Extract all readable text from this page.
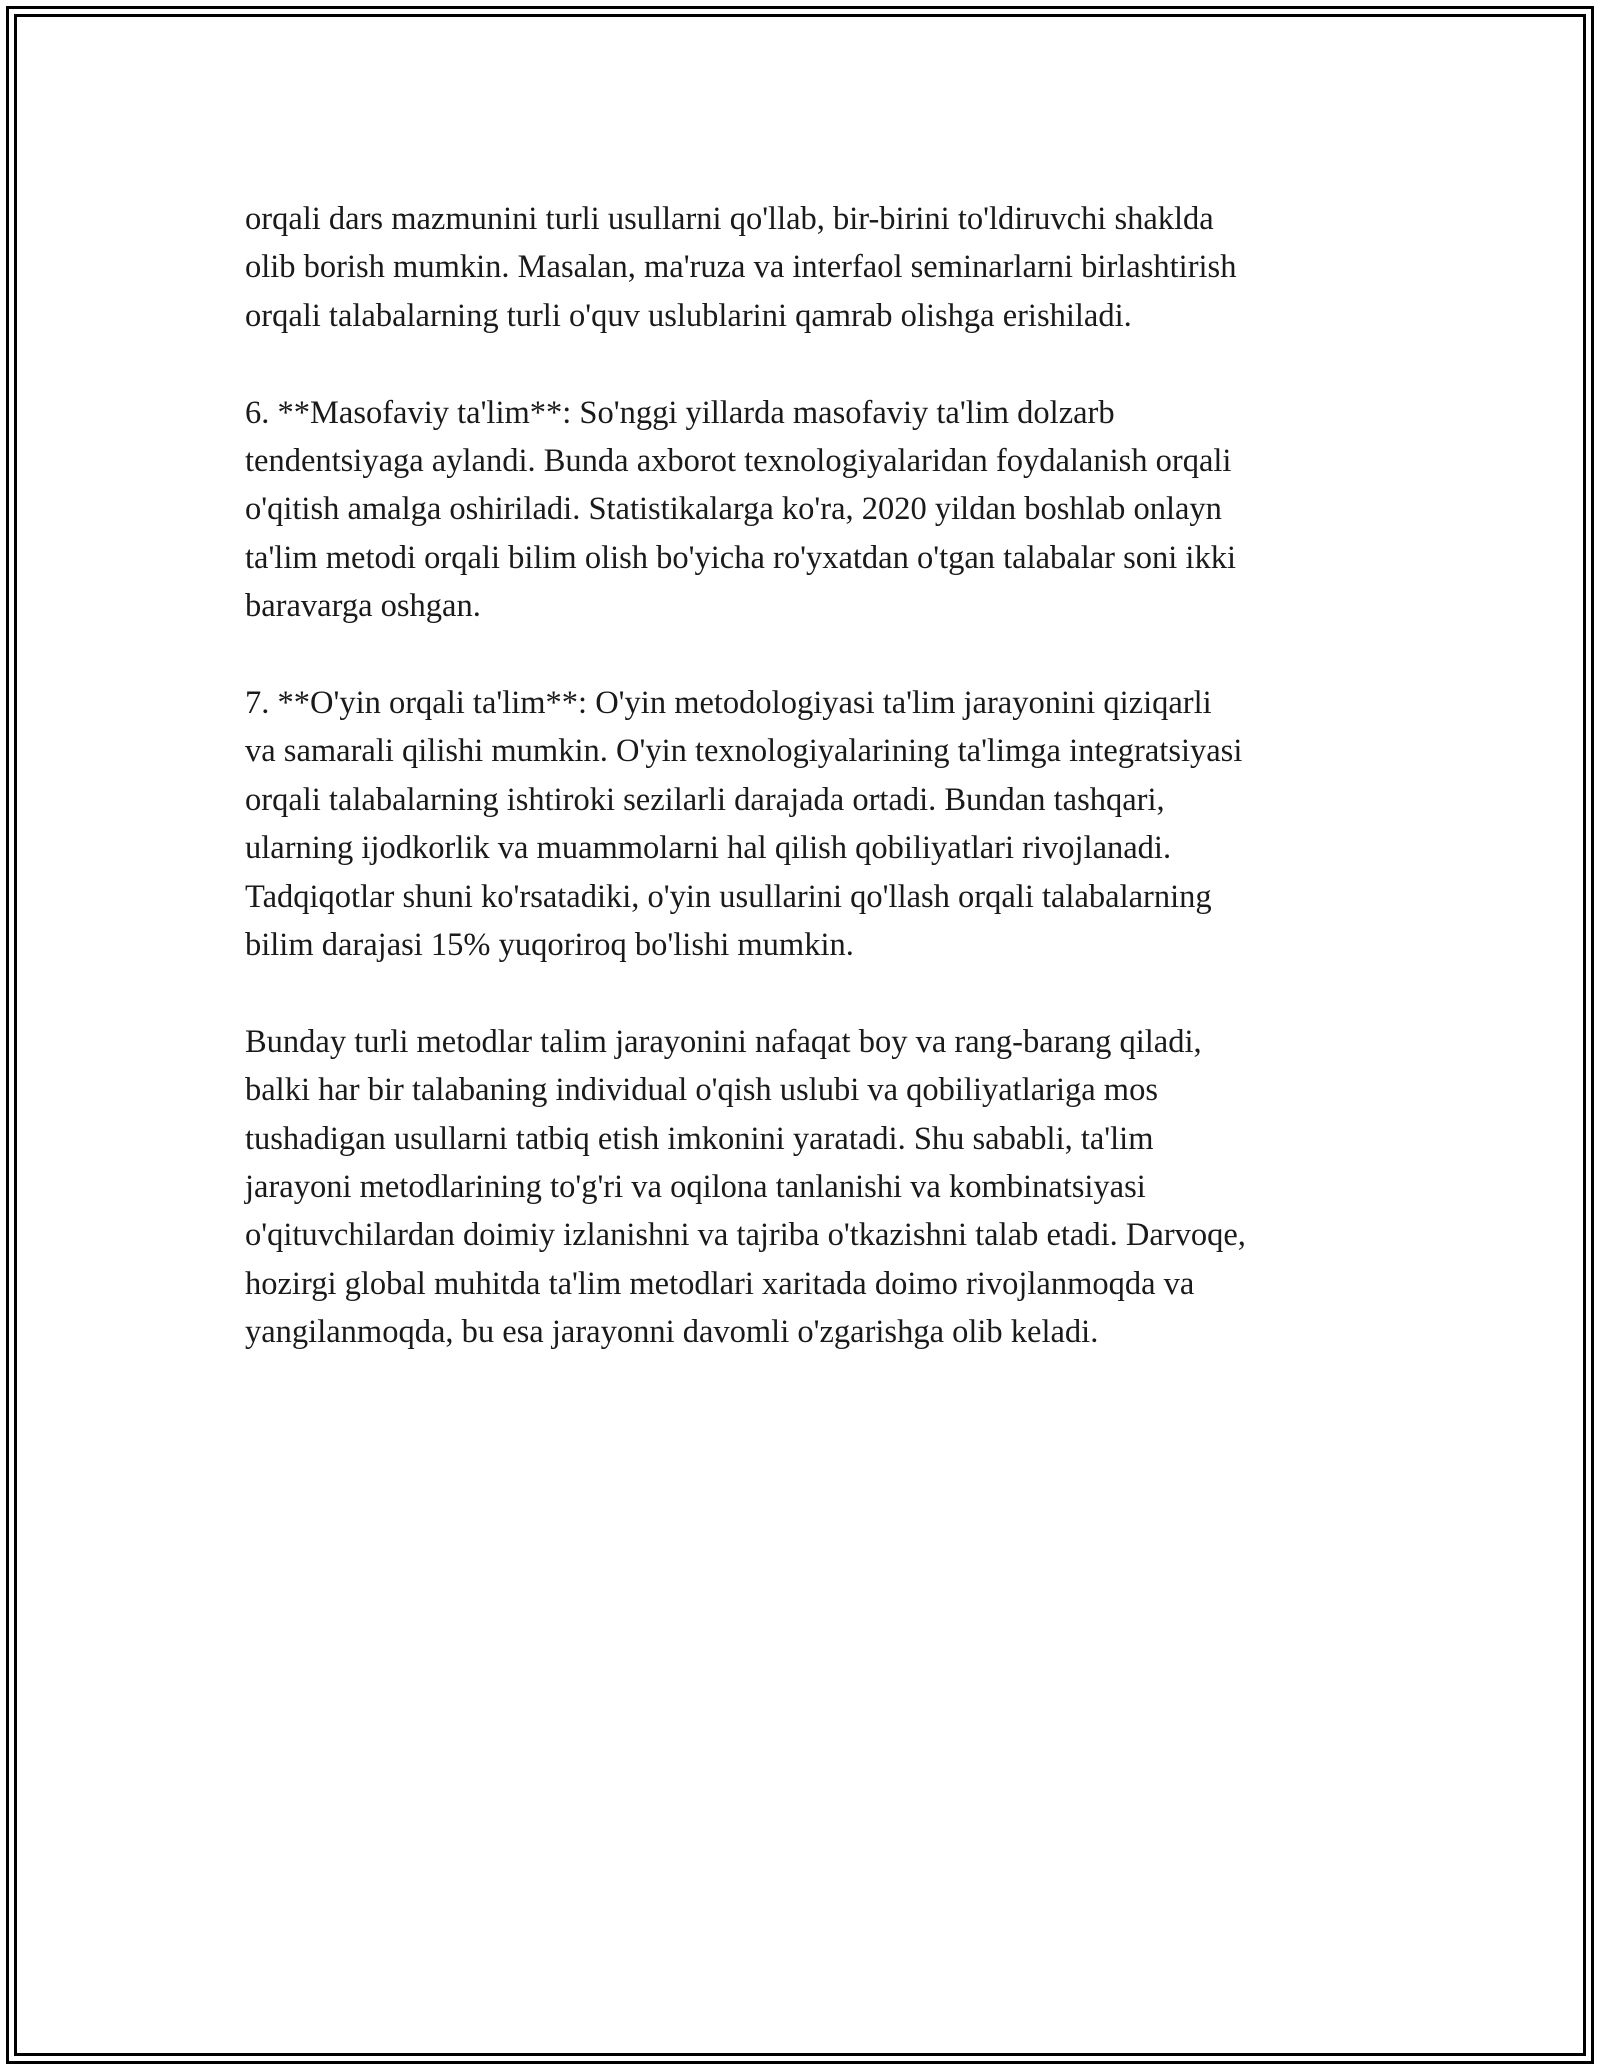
orqali dars mazmunini turli usullarni qo'llab, bir-birini to'ldiruvchi shaklda
olib borish mumkin. Masalan, ma'ruza va interfaol seminarlarni birlashtirish
orqali talabalarning turli o'quv uslublarini qamrab olishga erishiladi.

6. **Masofaviy ta'lim**: So'nggi yillarda masofaviy ta'lim dolzarb
tendentsiyaga aylandi. Bunda axborot texnologiyalaridan foydalanish orqali
o'qitish amalga oshiriladi. Statistikalarga ko'ra, 2020 yildan boshlab onlayn
ta'lim metodi orqali bilim olish bo'yicha ro'yxatdan o'tgan talabalar soni ikki
baravarga oshgan.

7. **O'yin orqali ta'lim**: O'yin metodologiyasi ta'lim jarayonini qiziqarli
va samarali qilishi mumkin. O'yin texnologiyalarining ta'limga integratsiyasi
orqali talabalarning ishtiroki sezilarli darajada ortadi. Bundan tashqari,
ularning ijodkorlik va muammolarni hal qilish qobiliyatlari rivojlanadi.
Tadqiqotlar shuni ko'rsatadiki, o'yin usullarini qo'llash orqali talabalarning
bilim darajasi 15% yuqoriroq bo'lishi mumkin.

Bunday turli metodlar talim jarayonini nafaqat boy va rang-barang qiladi,
balki har bir talabaning individual o'qish uslubi va qobiliyatlariga mos
tushadigan usullarni tatbiq etish imkonini yaratadi. Shu sababli, ta'lim
jarayoni metodlarining to'g'ri va oqilona tanlanishi va kombinatsiyasi
o'qituvchilardan doimiy izlanishni va tajriba o'tkazishni talab etadi. Darvoqe,
hozirgi global muhitda ta'lim metodlari xaritada doimo rivojlanmoqda va
yangilanmoqda, bu esa jarayonni davomli o'zgarishga olib keladi.
